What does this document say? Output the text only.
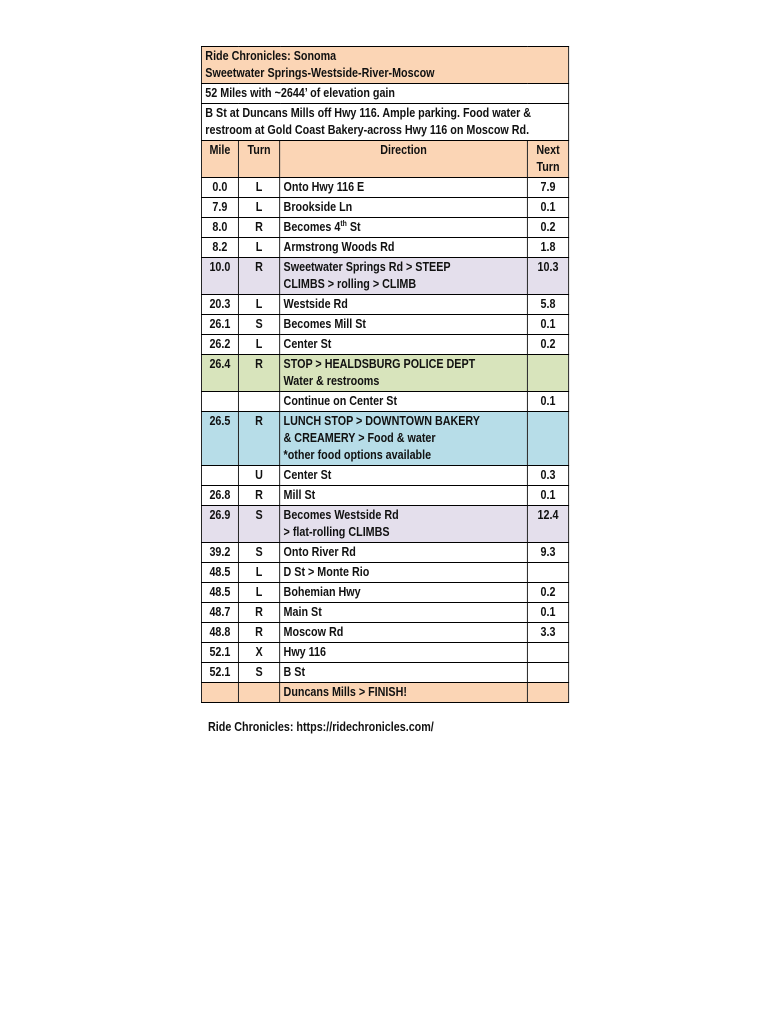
Ride Chronicles: Sonoma
Sweetwater Springs-Westside-River-Moscow			

52 Miles with ~2644’ of elevation gain			
B St at Duncans Mills off Hwy 116. Ample parking. Food water & restroom at Gold Coast Bakery-across Hwy 116 on Moscow Rd.			
Mile	Turn	Direction	Next Turn
0.0	L	Onto Hwy 116 E	7.9
7.9	L	Brookside Ln	0.1
8.0	R	Becomes 4th St	0.2
8.2	L	Armstrong Woods Rd	1.8
10.0	R	Sweetwater Springs Rd > STEEP
CLIMBS > rolling > CLIMB	10.3
20.3	L	Westside Rd	5.8
26.1	S	Becomes Mill St	0.1
26.2	L	Center St	0.2
26.4	R	STOP > HEALDSBURG POLICE DEPT
Water & restrooms	

		Continue on Center St	0.1
26.5	R	LUNCH STOP > DOWNTOWN BAKERY
& CREAMERY > Food & water
*other food options available	

	U	Center St	0.3
26.8	R	Mill St	0.1
26.9	S	Becomes Westside Rd
> flat-rolling CLIMBS	12.4
39.2	S	Onto River Rd	9.3
48.5	L	D St > Monte Rio	
48.5	L	Bohemian Hwy	0.2
48.7	R	Main St	0.1
48.8	R	Moscow Rd	3.3
52.1	X	Hwy 116	
52.1	S	B St	
		Duncans Mills > FINISH!	
Ride Chronicles: https://ridechronicles.com/
